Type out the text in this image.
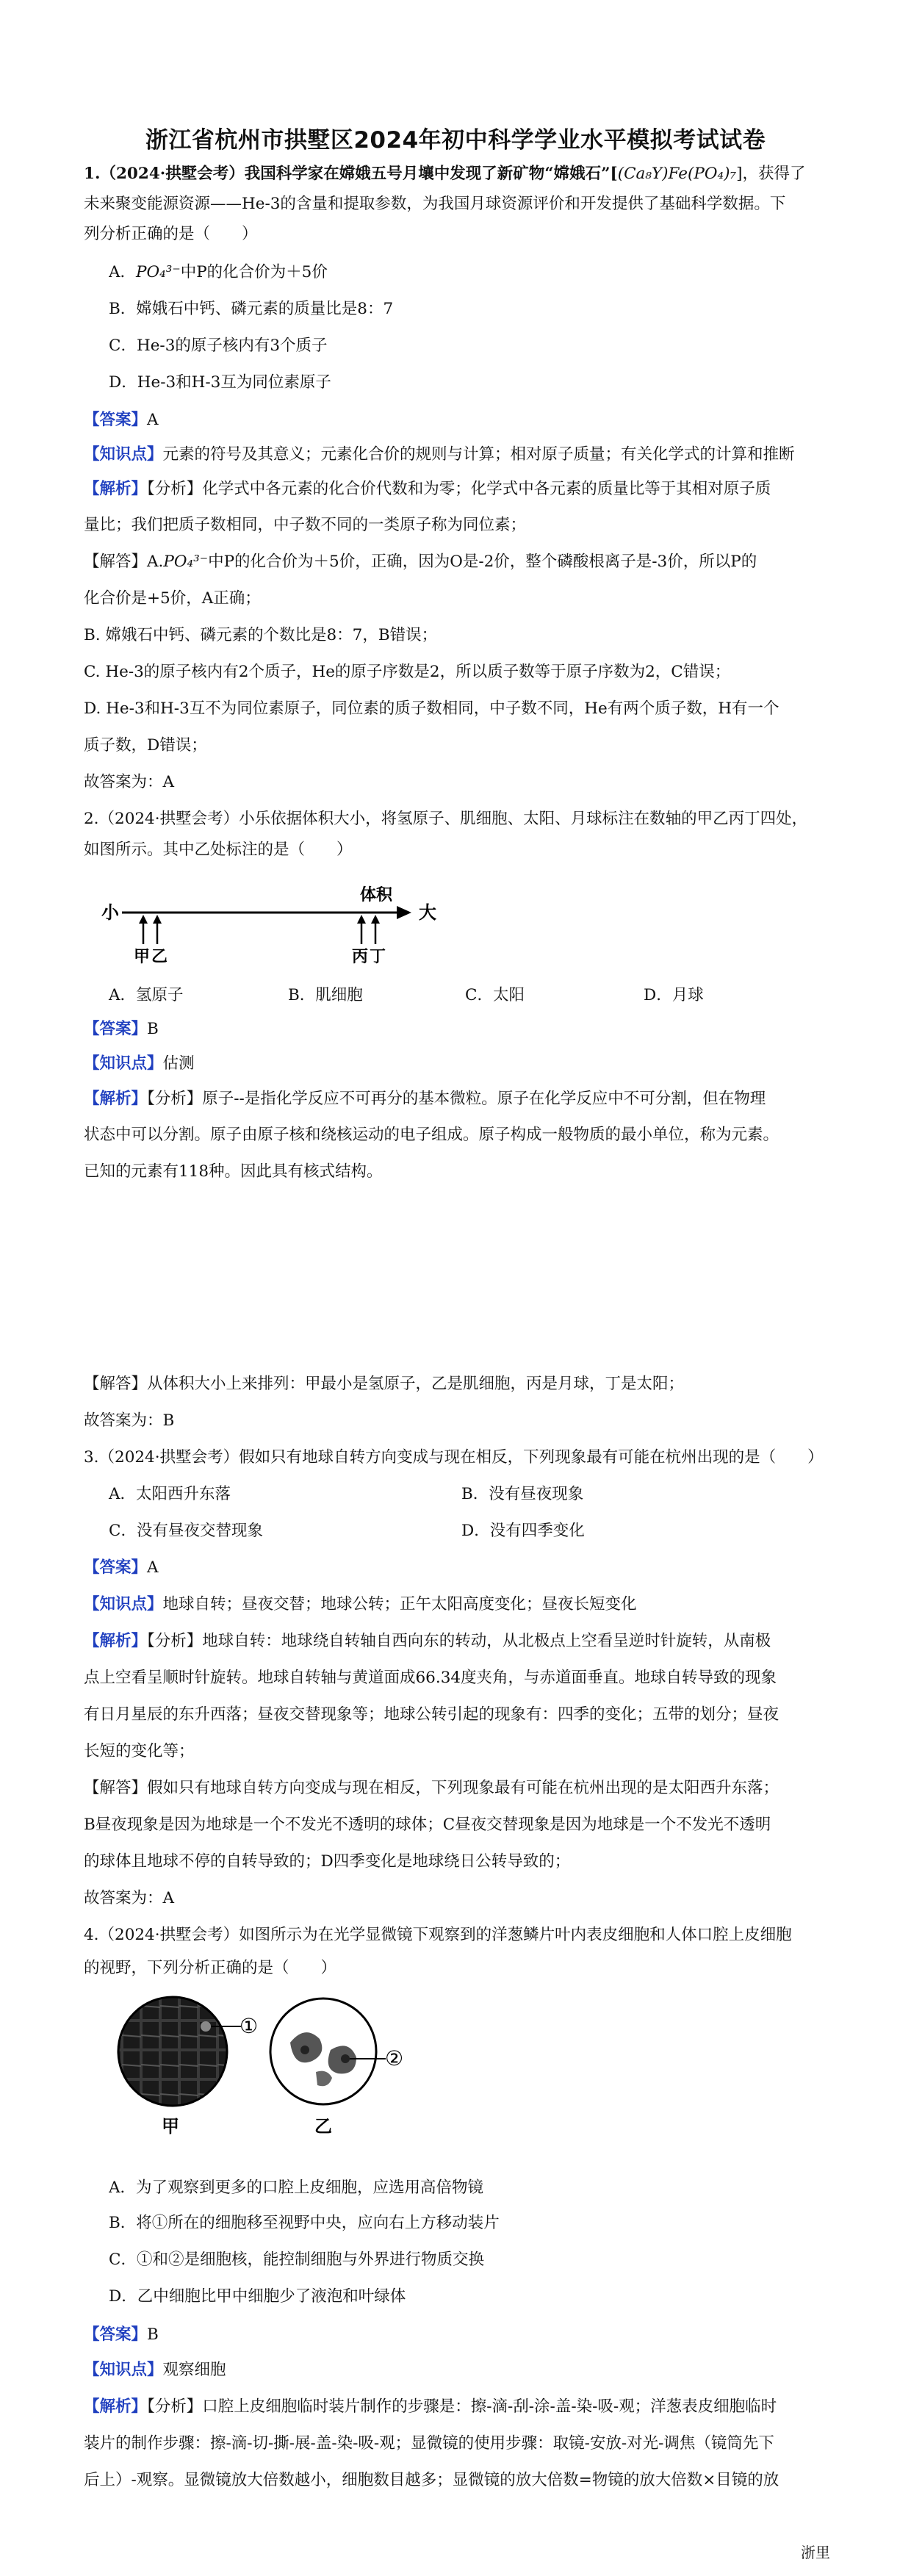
浙江省杭州市拱墅区2024年初中科学学业水平模拟考试试卷
1.（2024·拱墅会考）我国科学家在嫦娥五号月壤中发现了新矿物“嫦娥石”[(Ca₈Y)Fe(PO₄)₇]，获得了
未来聚变能源资源——He-3的含量和提取参数，为我国月球资源评价和开发提供了基础科学数据。下
列分析正确的是（　　）
A．PO₄³⁻中P的化合价为＋5价
B．嫦娥石中钙、磷元素的质量比是8：7
C．He-3的原子核内有3个质子
D．He-3和H-3互为同位素原子
【答案】A
【知识点】元素的符号及其意义；元素化合价的规则与计算；相对原子质量；有关化学式的计算和推断
【解析】【分析】化学式中各元素的化合价代数和为零；化学式中各元素的质量比等于其相对原子质
量比；我们把质子数相同，中子数不同的一类原子称为同位素；
【解答】A.PO₄³⁻中P的化合价为＋5价，正确，因为O是-2价，整个磷酸根离子是-3价，所以P的
化合价是+5价，A正确；
B. 嫦娥石中钙、磷元素的个数比是8：7，B错误；
C. He-3的原子核内有2个质子，He的原子序数是2，所以质子数等于原子序数为2，C错误；
D. He-3和H-3互不为同位素原子，同位素的质子数相同，中子数不同，He有两个质子数，H有一个
质子数，D错误；
故答案为：A
2.（2024·拱墅会考）小乐依据体积大小，将氢原子、肌细胞、太阳、月球标注在数轴的甲乙丙丁四处，
如图所示。其中乙处标注的是（　　）
小	大
体积
甲 乙	丙 丁
A．氢原子	B．肌细胞	C．太阳	D．月球
【答案】B
【知识点】估测
【解析】【分析】原子--是指化学反应不可再分的基本微粒。原子在化学反应中不可分割，但在物理
状态中可以分割。原子由原子核和绕核运动的电子组成。原子构成一般物质的最小单位，称为元素。
已知的元素有118种。因此具有核式结构。
【解答】从体积大小上来排列：甲最小是氢原子，乙是肌细胞，丙是月球，丁是太阳；
故答案为：B
3.（2024·拱墅会考）假如只有地球自转方向变成与现在相反，下列现象最有可能在杭州出现的是（　　）
A．太阳西升东落	B．没有昼夜现象
C．没有昼夜交替现象	D．没有四季变化
【答案】A
【知识点】地球自转；昼夜交替；地球公转；正午太阳高度变化；昼夜长短变化
【解析】【分析】地球自转：地球绕自转轴自西向东的转动，从北极点上空看呈逆时针旋转，从南极
点上空看呈顺时针旋转。地球自转轴与黄道面成66.34度夹角，与赤道面垂直。地球自转导致的现象
有日月星辰的东升西落；昼夜交替现象等；地球公转引起的现象有：四季的变化；五带的划分；昼夜
长短的变化等；
【解答】假如只有地球自转方向变成与现在相反，下列现象最有可能在杭州出现的是太阳西升东落；
B昼夜现象是因为地球是一个不发光不透明的球体；C昼夜交替现象是因为地球是一个不发光不透明
的球体且地球不停的自转导致的；D四季变化是地球绕日公转导致的；
故答案为：A
4.（2024·拱墅会考）如图所示为在光学显微镜下观察到的洋葱鳞片叶内表皮细胞和人体口腔上皮细胞
的视野，下列分析正确的是（　　）
①
②
甲	乙
A．为了观察到更多的口腔上皮细胞，应选用高倍物镜
B．将①所在的细胞移至视野中央，应向右上方移动装片
C．①和②是细胞核，能控制细胞与外界进行物质交换
D．乙中细胞比甲中细胞少了液泡和叶绿体
【答案】B
【知识点】观察细胞
【解析】【分析】口腔上皮细胞临时装片制作的步骤是：擦-滴-刮-涂-盖-染-吸-观；洋葱表皮细胞临时
装片的制作步骤：擦-滴-切-撕-展-盖-染-吸-观；显微镜的使用步骤：取镜-安放-对光-调焦（镜筒先下
后上）-观察。显微镜放大倍数越小，细胞数目越多；显微镜的放大倍数=物镜的放大倍数×目镜的放
浙里
